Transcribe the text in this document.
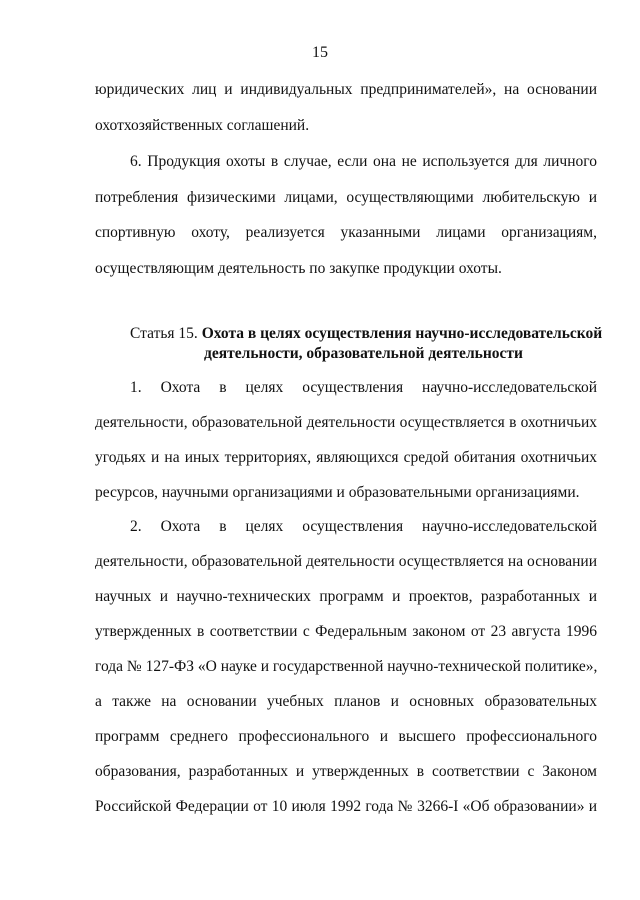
15
юридических лиц и индивидуальных предпринимателей», на основании
охотхозяйственных соглашений.
6. Продукция охоты в случае, если она не используется для личного
потребления физическими лицами, осуществляющими любительскую и
спортивную охоту, реализуется указанными лицами организациям,
осуществляющим деятельность по закупке продукции охоты.
Статья 15. Охота в целях осуществления научно-исследовательской
деятельности, образовательной деятельности
1. Охота в целях осуществления научно-исследовательской
деятельности, образовательной деятельности осуществляется в охотничьих
угодьях и на иных территориях, являющихся средой обитания охотничьих
ресурсов, научными организациями и образовательными организациями.
2. Охота в целях осуществления научно-исследовательской
деятельности, образовательной деятельности осуществляется на основании
научных и научно-технических программ и проектов, разработанных и
утвержденных в соответствии с Федеральным законом от 23 августа 1996
года № 127-ФЗ «О науке и государственной научно-технической политике»,
а также на основании учебных планов и основных образовательных
программ среднего профессионального и высшего профессионального
образования, разработанных и утвержденных в соответствии с Законом
Российской Федерации от 10 июля 1992 года № 3266-I «Об образовании» и
